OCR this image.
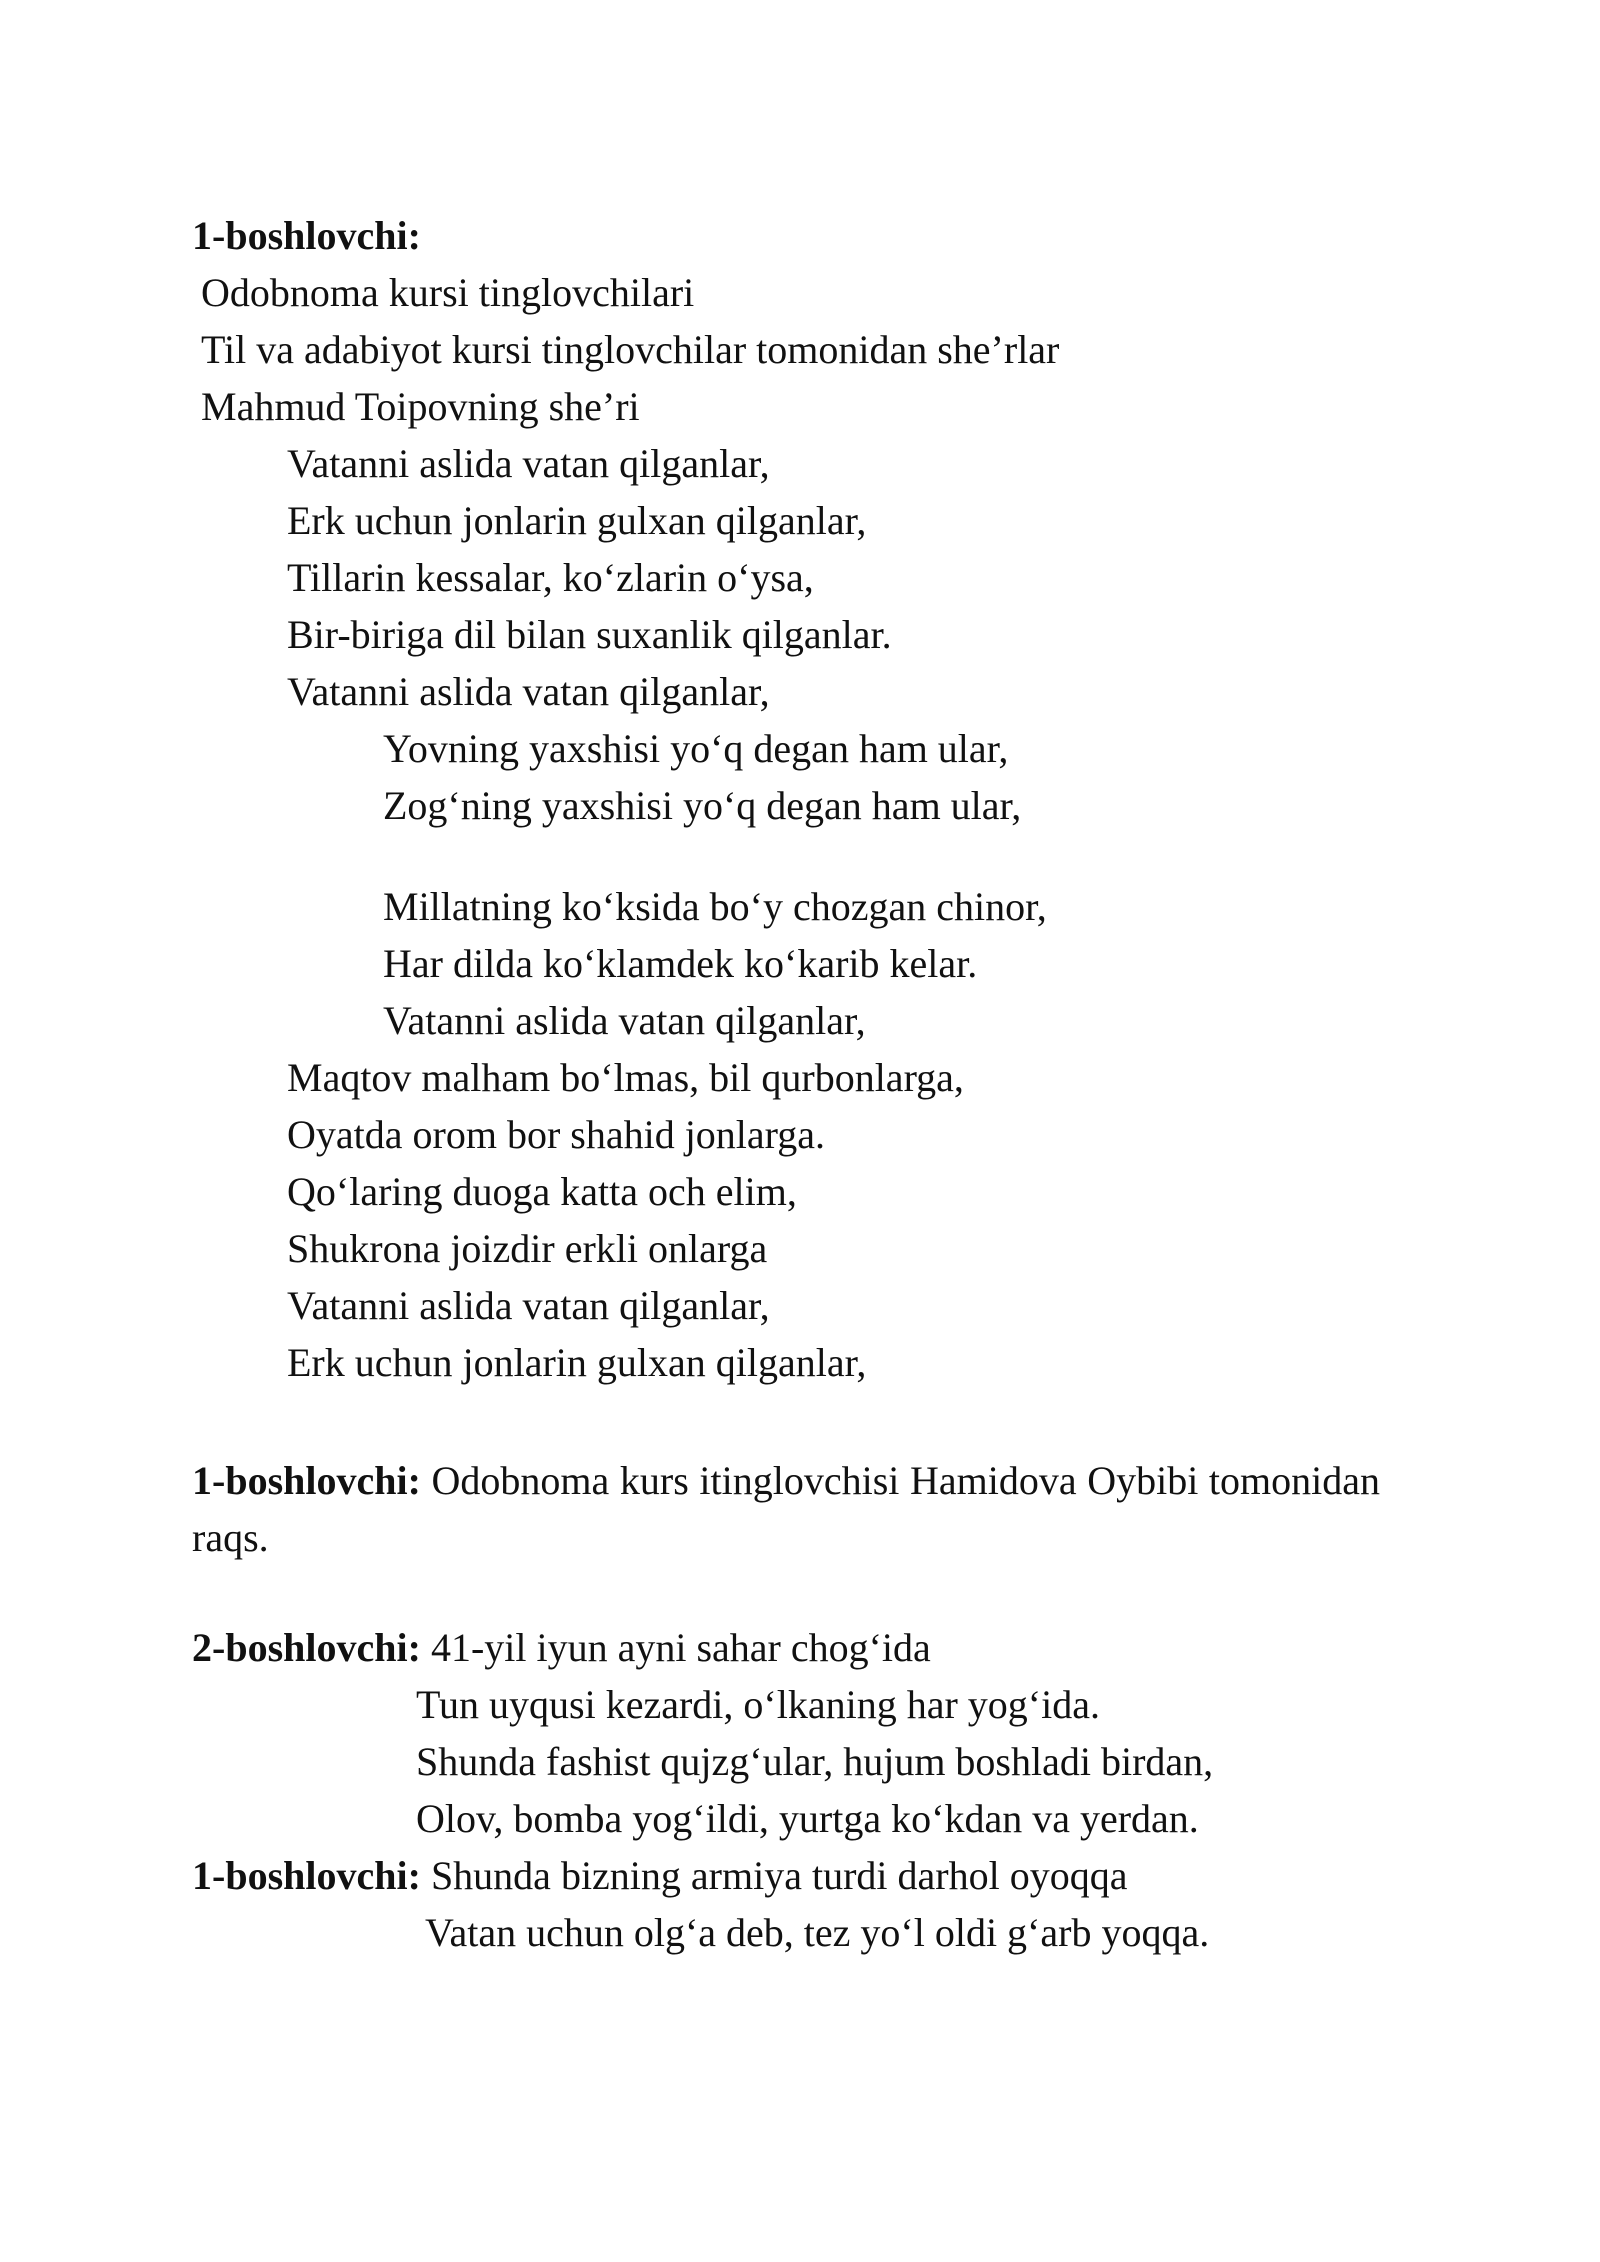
1-boshlovchi:
Odobnoma kursi tinglovchilari
Til va adabiyot kursi tinglovchilar tomonidan she’rlar
Mahmud Toipovning she’ri
Vatanni aslida vatan qilganlar,
Erk uchun jonlarin gulxan qilganlar,
Tillarin kessalar, ko‘zlarin o‘ysa,
Bir-biriga dil bilan suxanlik qilganlar.
Vatanni aslida vatan qilganlar,
Yovning yaxshisi yo‘q degan ham ular,
Zog‘ning yaxshisi yo‘q degan ham ular,
Millatning ko‘ksida bo‘y chozgan chinor,
Har dilda ko‘klamdek ko‘karib kelar.
Vatanni aslida vatan qilganlar,
Maqtov malham bo‘lmas, bil qurbonlarga,
Oyatda orom bor shahid jonlarga.
Qo‘laring duoga katta och elim,
Shukrona joizdir erkli onlarga
Vatanni aslida vatan qilganlar,
Erk uchun jonlarin gulxan qilganlar,

1-boshlovchi: Odobnoma kurs itinglovchisi Hamidova Oybibi tomonidan raqs.

2-boshlovchi: 41-yil iyun ayni sahar chog‘ida
Tun uyqusi kezardi, o‘lkaning har yog‘ida.
Shunda fashist qujzg‘ular, hujum boshladi birdan,
Olov, bomba yog‘ildi, yurtga ko‘kdan va yerdan.
1-boshlovchi: Shunda bizning armiya turdi darhol oyoqqa
Vatan uchun olg‘a deb, tez yo‘l oldi g‘arb yoqqa.
